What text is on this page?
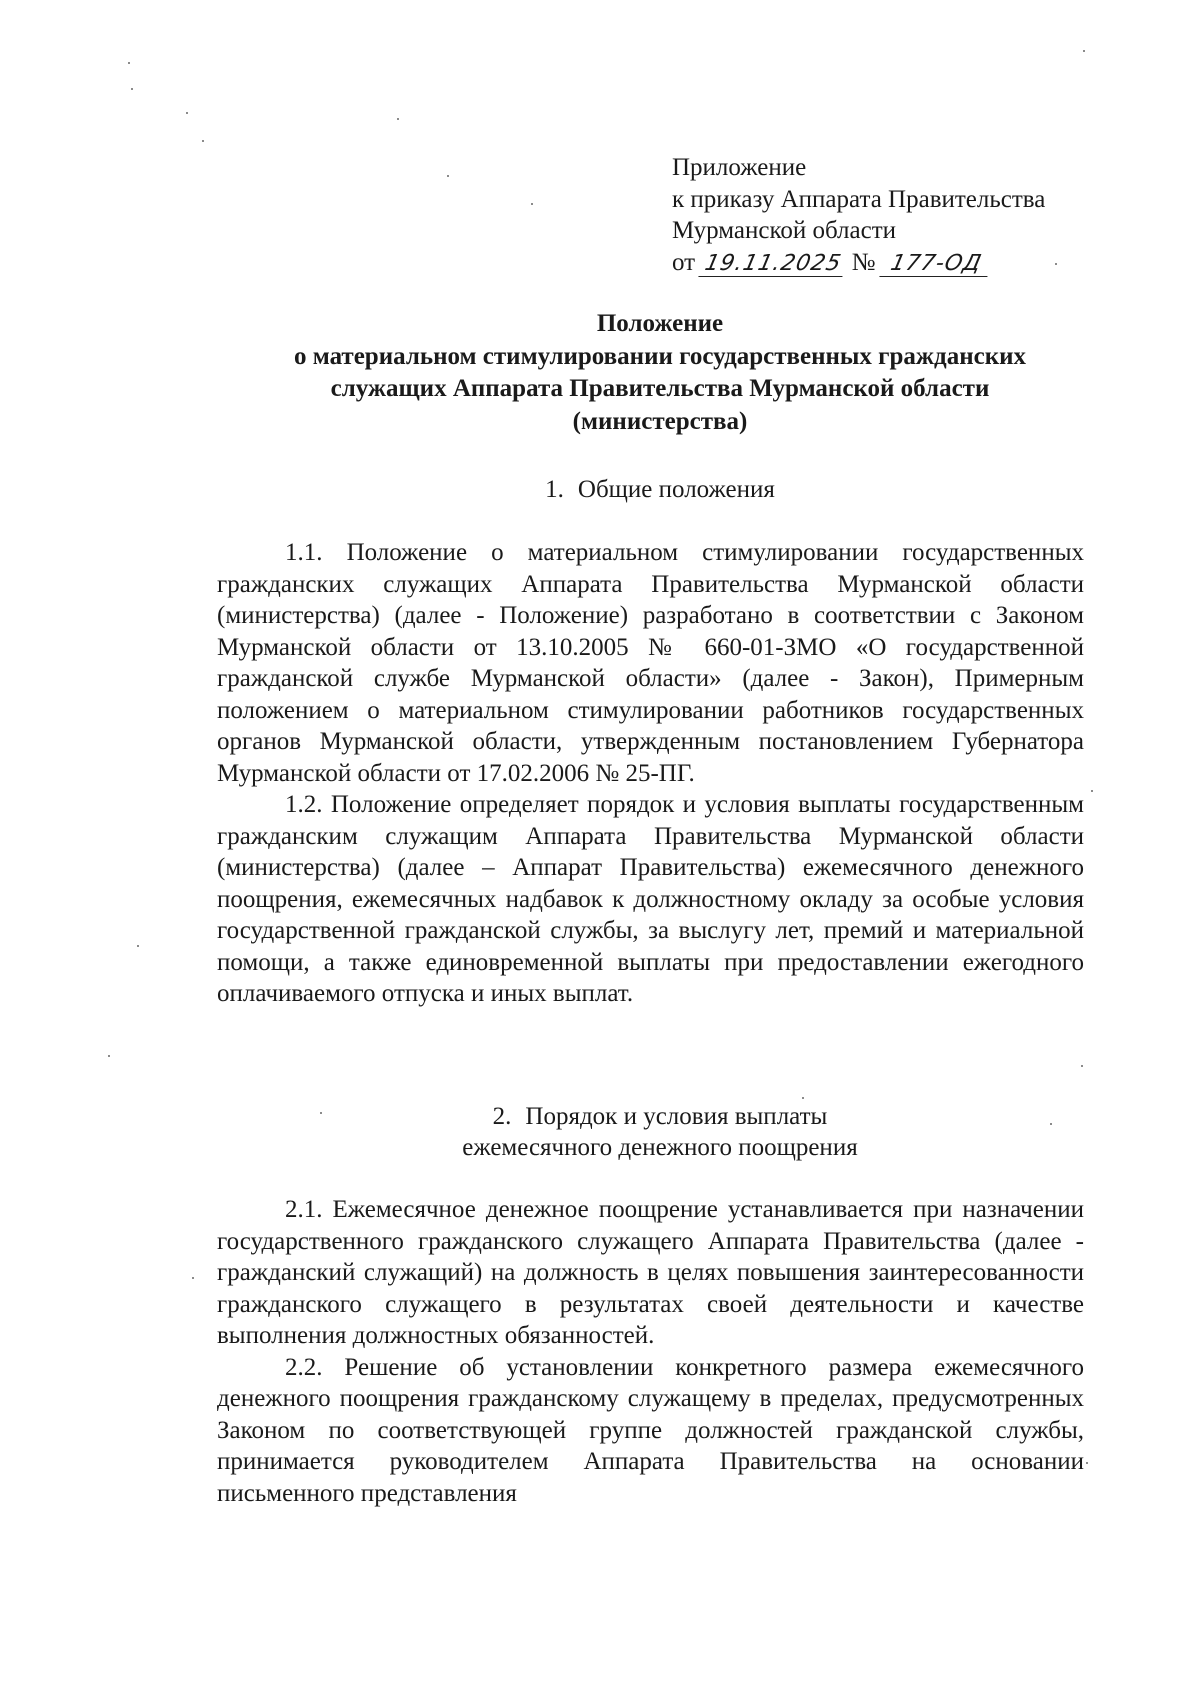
Приложение
к приказу Аппарата Правительства
Мурманской области
от 19.11.2025 № 177-ОД
Положение
о материальном стимулировании государственных гражданских
служащих Аппарата Правительства Мурманской области
(министерства)
1. Общие положения

1.1. Положение о материальном стимулировании государственных гражданских служащих Аппарата Правительства Мурманской области (министерства) (далее - Положение) разработано в соответствии с Законом Мурманской области от 13.10.2005 № 660-01-ЗМО «О государственной гражданской службе Мурманской области» (далее - Закон), Примерным положением о материальном стимулировании работников государственных органов Мурманской области, утвержденным постановлением Губернатора Мурманской области от 17.02.2006 № 25-ПГ.

1.2. Положение определяет порядок и условия выплаты государственным гражданским служащим Аппарата Правительства Мурманской области (министерства) (далее – Аппарат Правительства) ежемесячного денежного поощрения, ежемесячных надбавок к должностному окладу за особые условия государственной гражданской службы, за выслугу лет, премий и материальной помощи, а также единовременной выплаты при предоставлении ежегодного оплачиваемого отпуска и иных выплат.

2. Порядок и условия выплаты
ежемесячного денежного поощрения

2.1. Ежемесячное денежное поощрение устанавливается при назначении государственного гражданского служащего Аппарата Правительства (далее - гражданский служащий) на должность в целях повышения заинтересованности гражданского служащего в результатах своей деятельности и качестве выполнения должностных обязанностей.

2.2. Решение об установлении конкретного размера ежемесячного денежного поощрения гражданскому служащему в пределах, предусмотренных Законом по соответствующей группе должностей гражданской службы, принимается руководителем Аппарата Правительства на основании письменного представления
